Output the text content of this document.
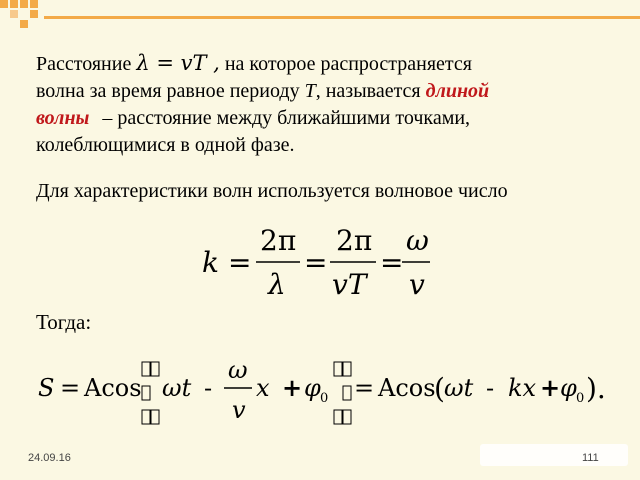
Расстояние λ = vT , на которое распространяется
волна за время равное периоду T, называется длиной
волны – расстояние между ближайшими точками,
колеблющимися в одной фазе.
Для характеристики волн используется волновое число
k =
2π
λ
=
2π
vT
=
ω
v
Тогда:
S = Acos ωt -
ω
v
x + φ 0 = Acos
( ωt - kx + φ 0 ).
24.09.16	111
